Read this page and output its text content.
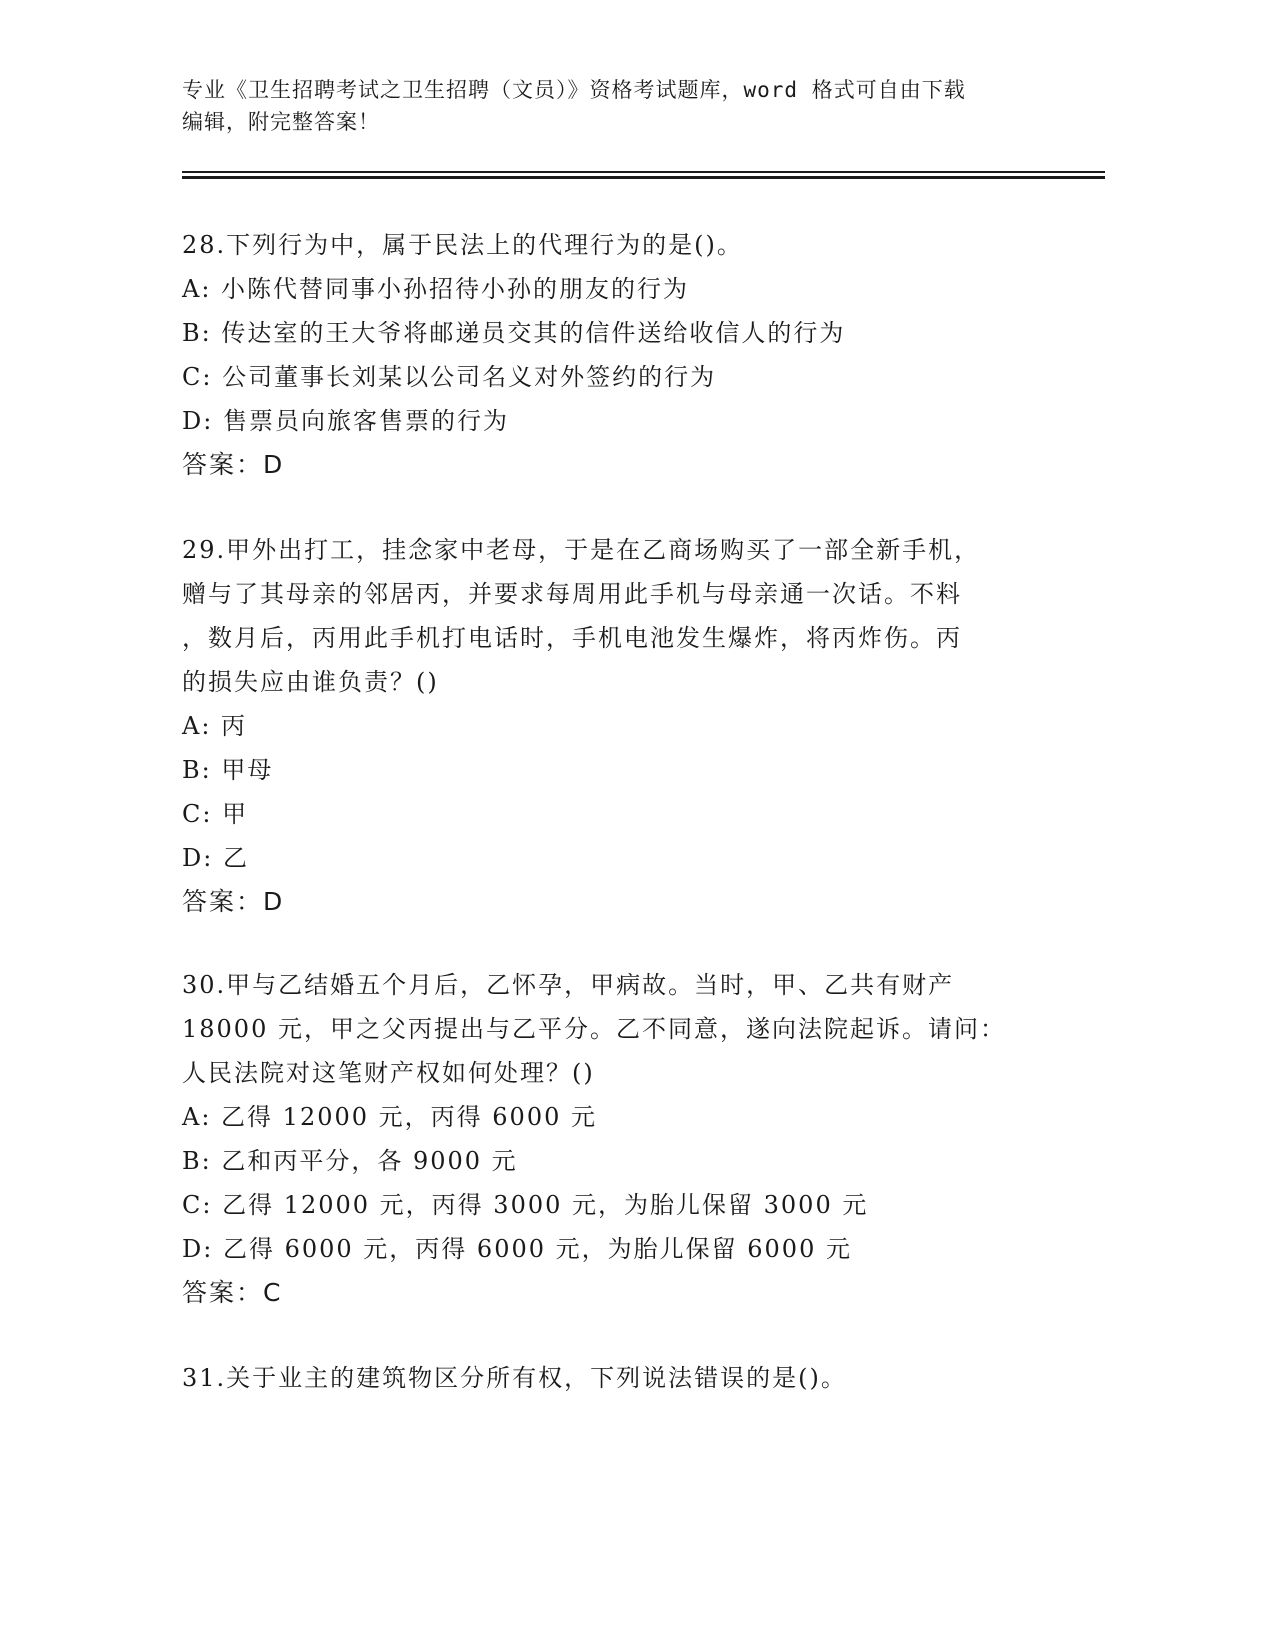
专业《卫生招聘考试之卫生招聘（文员）》资格考试题库，word 格式可自由下载
编辑，附完整答案！
28.下列行为中，属于民法上的代理行为的是()。
A: 小陈代替同事小孙招待小孙的朋友的行为
B: 传达室的王大爷将邮递员交其的信件送给收信人的行为
C: 公司董事长刘某以公司名义对外签约的行为
D: 售票员向旅客售票的行为
答案：D
29.甲外出打工，挂念家中老母，于是在乙商场购买了一部全新手机，
赠与了其母亲的邻居丙，并要求每周用此手机与母亲通一次话。不料
，数月后，丙用此手机打电话时，手机电池发生爆炸，将丙炸伤。丙
的损失应由谁负责？()
A: 丙
B: 甲母
C: 甲
D: 乙
答案：D
30.甲与乙结婚五个月后，乙怀孕，甲病故。当时，甲、乙共有财产
18000 元，甲之父丙提出与乙平分。乙不同意，遂向法院起诉。请问：
人民法院对这笔财产权如何处理？()
A: 乙得 12000 元，丙得 6000 元
B: 乙和丙平分，各 9000 元
C: 乙得 12000 元，丙得 3000 元，为胎儿保留 3000 元
D: 乙得 6000 元，丙得 6000 元，为胎儿保留 6000 元
答案：C
31.关于业主的建筑物区分所有权，下列说法错误的是()。
